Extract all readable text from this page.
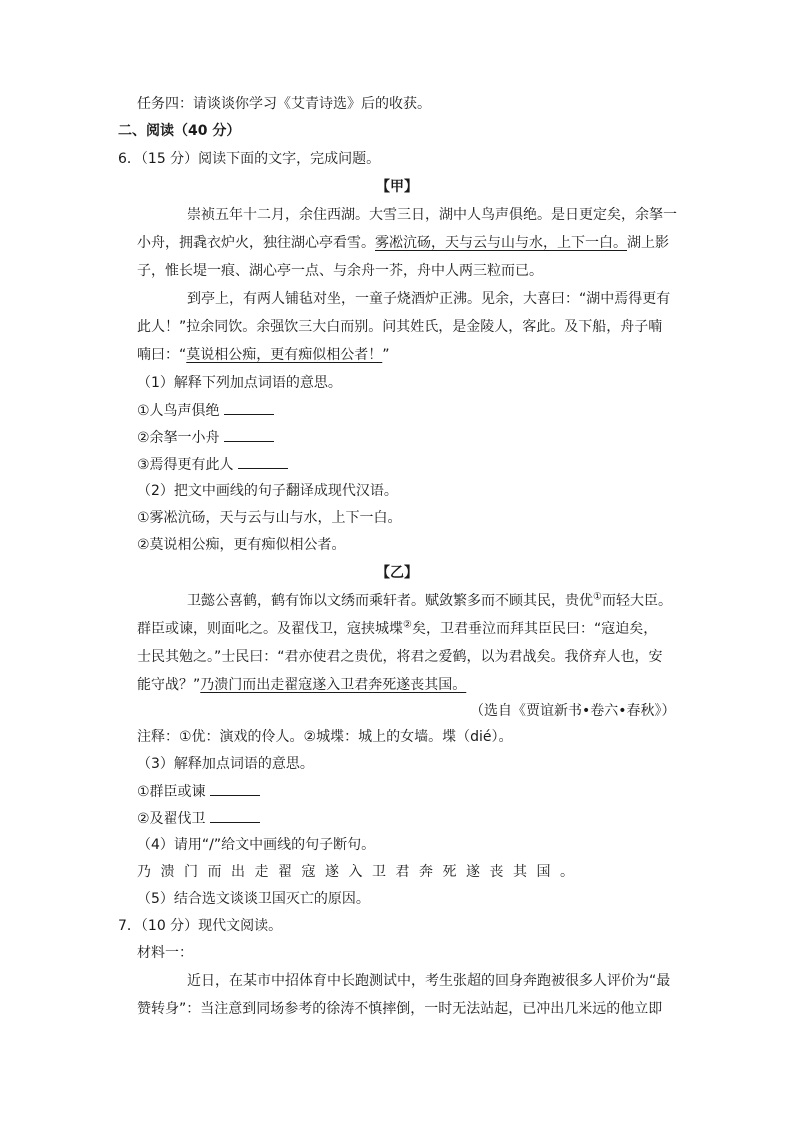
任务四：请谈谈你学习《艾青诗选》后的收获。
二、阅读（40 分）
6．（15 分）阅读下面的文字，完成问题。
【甲】
崇祯五年十二月，余住西湖。大雪三日，湖中人鸟声俱绝。是日更定矣，余拏一
小舟，拥毳衣炉火，独往湖心亭看雪。雾凇沆砀，天与云与山与水，上下一白。湖上影
子，惟长堤一痕、湖心亭一点、与余舟一芥，舟中人两三粒而已。
到亭上，有两人铺毡对坐，一童子烧酒炉正沸。见余，大喜曰：“湖中焉得更有
此人！”拉余同饮。余强饮三大白而别。问其姓氏，是金陵人，客此。及下船，舟子喃
喃曰：“莫说相公痴，更有痴似相公者！”
（1）解释下列加点词语的意思。
①人鸟声俱绝
②余拏一小舟
③焉得更有此人
（2）把文中画线的句子翻译成现代汉语。
①雾凇沆砀，天与云与山与水，上下一白。
②莫说相公痴，更有痴似相公者。
【乙】
卫懿公喜鹤，鹤有饰以文绣而乘轩者。赋敛繁多而不顾其民，贵优①而轻大臣。
群臣或谏，则面叱之。及翟伐卫，寇挟城堞②矣，卫君垂泣而拜其臣民曰：“寇迫矣，
士民其勉之。”士民曰：“君亦使君之贵优，将君之爱鹤，以为君战矣。我侪弃人也，安
能守战？”乃溃门而出走翟寇遂入卫君奔死遂丧其国。
（选自《贾谊新书•卷六•春秋》）
注释：①优：演戏的伶人。②城堞：城上的女墙。堞（dié）。
（3）解释加点词语的意思。
①群臣或谏
②及翟伐卫
（4）请用“/”给文中画线的句子断句。
乃溃门而出走翟寇遂入卫君奔死遂丧其国。
（5）结合选文谈谈卫国灭亡的原因。
7．（10 分）现代文阅读。
材料一：
近日，在某市中招体育中长跑测试中，考生张超的回身奔跑被很多人评价为“最
赞转身”：当注意到同场参考的徐涛不慎摔倒，一时无法站起，已冲出几米远的他立即
